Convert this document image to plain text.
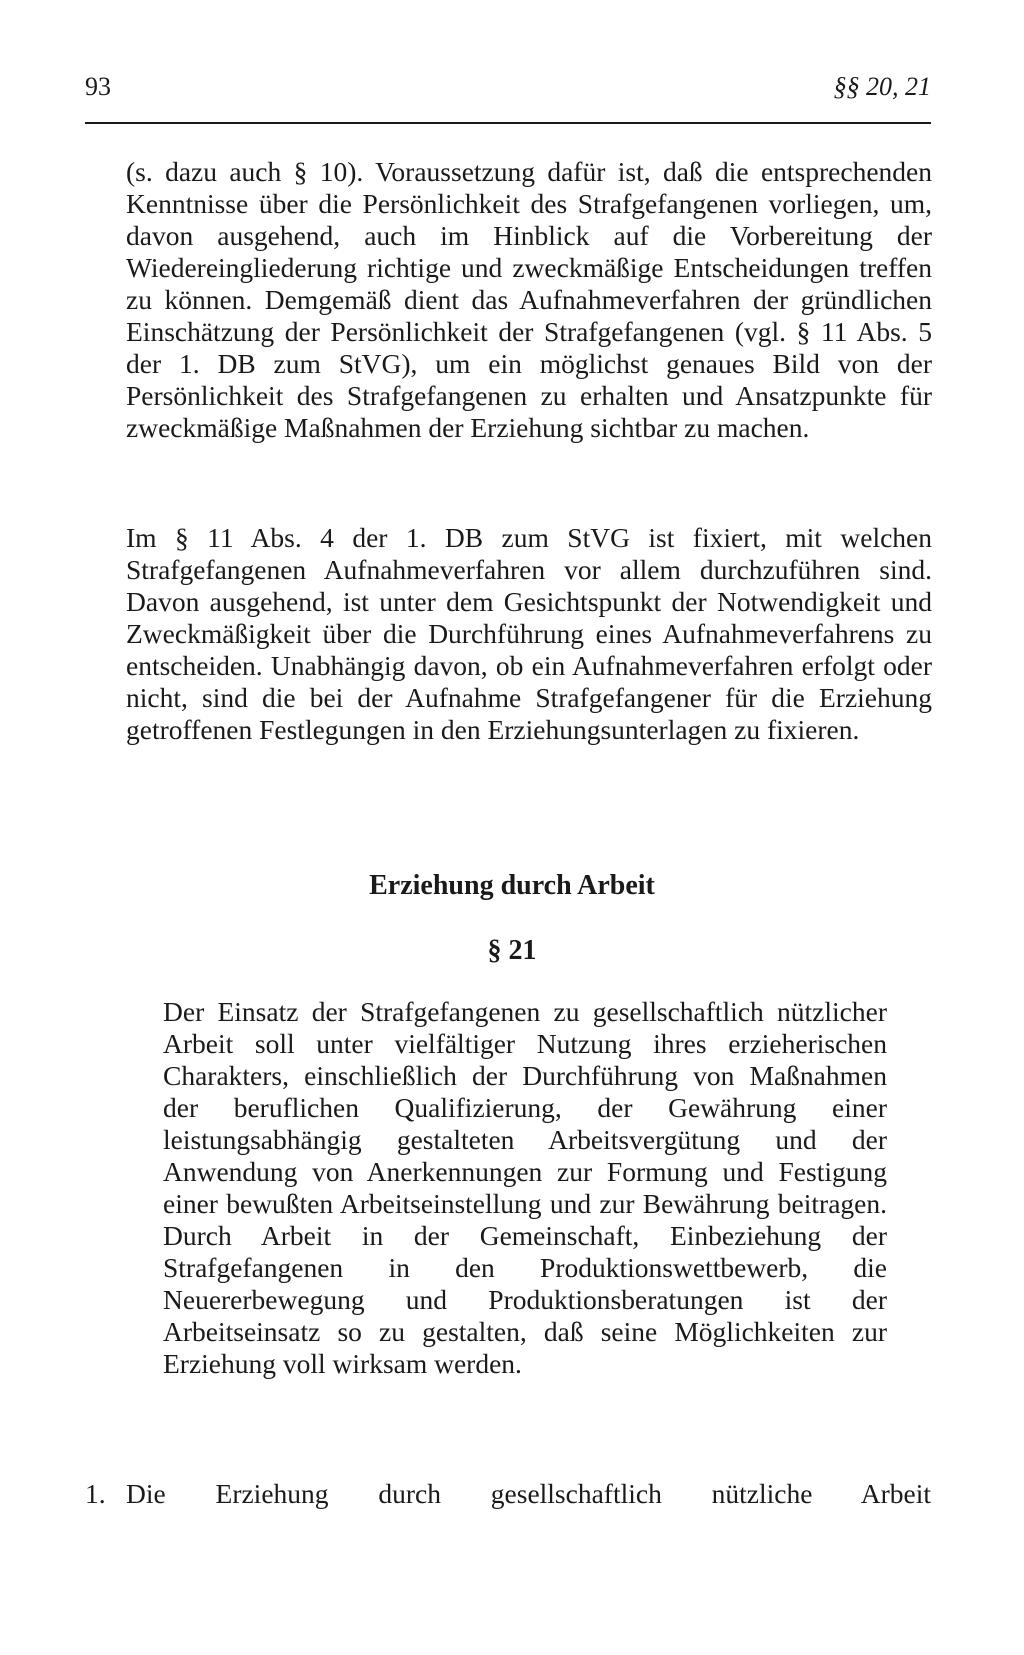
93	§§ 20, 21

(s. dazu auch § 10). Voraussetzung dafür ist, daß die entsprechenden Kenntnisse über die Persönlichkeit des Strafgefangenen vorliegen, um, davon ausgehend, auch im Hinblick auf die Vorbereitung der Wiedereingliederung richtige und zweckmäßige Entscheidungen treffen zu können. Demgemäß dient das Aufnahmeverfahren der gründlichen Einschätzung der Persönlichkeit der Strafgefangenen (vgl. § 11 Abs. 5 der 1. DB zum StVG), um ein möglichst genaues Bild von der Persönlichkeit des Strafgefangenen zu erhalten und Ansatzpunkte für zweckmäßige Maßnahmen der Erziehung sichtbar zu machen.

Im § 11 Abs. 4 der 1. DB zum StVG ist fixiert, mit welchen Strafgefangenen Aufnahmeverfahren vor allem durchzuführen sind. Davon ausgehend, ist unter dem Gesichtspunkt der Notwendigkeit und Zweckmäßigkeit über die Durchführung eines Aufnahmeverfahrens zu entscheiden. Unabhängig davon, ob ein Aufnahmeverfahren erfolgt oder nicht, sind die bei der Aufnahme Strafgefangener für die Erziehung getroffenen Festlegungen in den Erziehungsunterlagen zu fixieren.

Erziehung durch Arbeit
§ 21

Der Einsatz der Strafgefangenen zu gesellschaftlich nützlicher Arbeit soll unter vielfältiger Nutzung ihres erzieherischen Charakters, einschließlich der Durchführung von Maßnahmen der beruflichen Qualifizierung, der Gewährung einer leistungsabhängig gestalteten Arbeitsvergütung und der Anwendung von Anerkennungen zur Formung und Festigung einer bewußten Arbeitseinstellung und zur Bewährung beitragen. Durch Arbeit in der Gemeinschaft, Einbeziehung der Strafgefangenen in den Produktionswettbewerb, die Neuererbewegung und Produktionsberatungen ist der Arbeitseinsatz so zu gestalten, daß seine Möglichkeiten zur Erziehung voll wirksam werden.

1. Die Erziehung durch gesellschaftlich nützliche Arbeit
